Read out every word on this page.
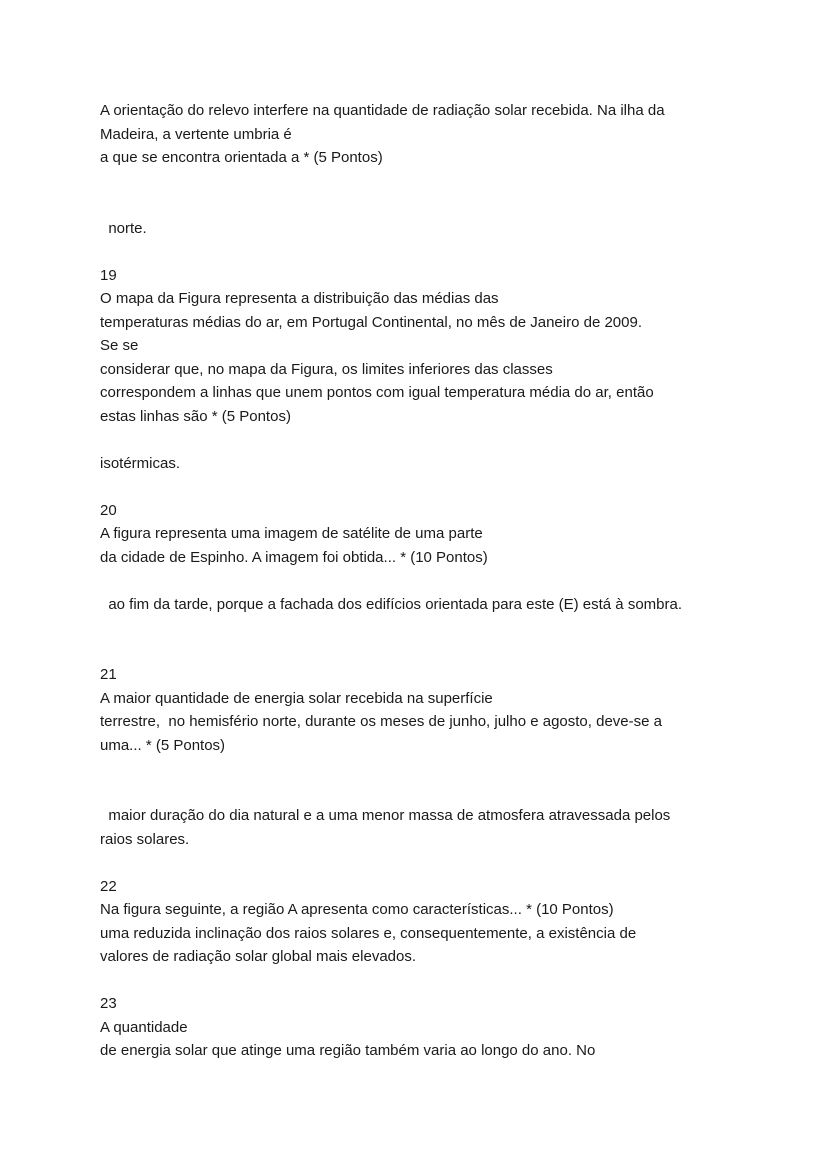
A orientação do relevo interfere na quantidade de radiação solar recebida. Na ilha da

Madeira, a vertente umbria é

a que se encontra orientada a * (5 Pontos)

norte.

19

O mapa da Figura representa a distribuição das médias das

temperaturas médias do ar, em Portugal Continental, no mês de Janeiro de 2009.

Se se

considerar que, no mapa da Figura, os limites inferiores das classes

correspondem a linhas que unem pontos com igual temperatura média do ar, então

estas linhas são * (5 Pontos)

isotérmicas.

20

A figura representa uma imagem de satélite de uma parte

da cidade de Espinho. A imagem foi obtida... * (10 Pontos)

ao fim da tarde, porque a fachada dos edifícios orientada para este (E) está à sombra.

21

A maior quantidade de energia solar recebida na superfície

terrestre,  no hemisfério norte, durante os meses de junho, julho e agosto, deve-se a

uma... * (5 Pontos)

maior duração do dia natural e a uma menor massa de atmosfera atravessada pelos

raios solares.

22

Na figura seguinte, a região A apresenta como características... * (10 Pontos)

uma reduzida inclinação dos raios solares e, consequentemente, a existência de

valores de radiação solar global mais elevados.

23

A quantidade

de energia solar que atinge uma região também varia ao longo do ano. No
